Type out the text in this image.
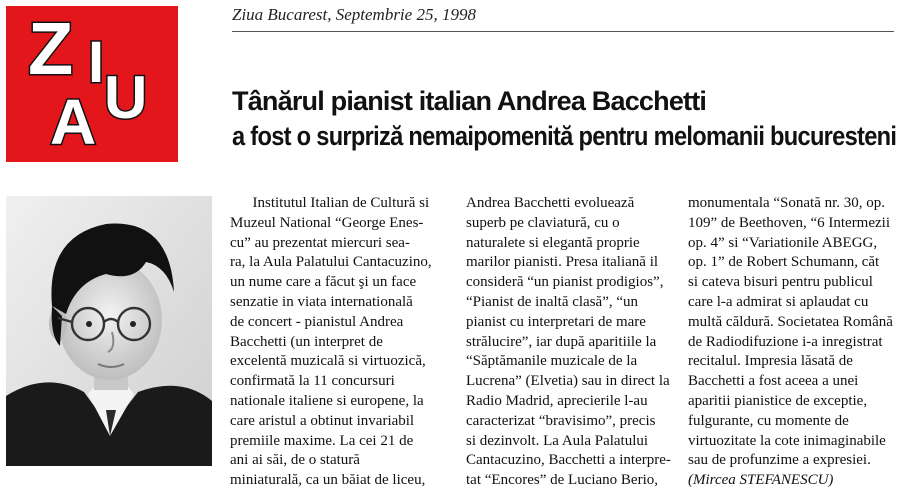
Z I
U
A
Ziua Bucarest, Septembrie 25, 1998
Tânărul pianist italian Andrea Bacchetti
a fost o surpriză nemaipomenită pentru melomanii bucuresteni
Institutul Italian de Cultură si
Muzeul National “George Enes-
cu” au prezentat miercuri sea-
ra, la Aula Palatului Cantacuzino,
un nume care a făcut şi un face
senzatie in viata internatională
de concert - pianistul Andrea
Bacchetti (un interpret de
excelentă muzicală si virtuozică,
confirmată la 11 concursuri
nationale italiene si europene, la
care aristul a obtinut invariabil
premiile maxime. La cei 21 de
ani ai săi, de o statură
miniaturală, ca un băiat de liceu,
Andrea Bacchetti evoluează
superb pe claviatură, cu o
naturalete si elegantă proprie
marilor pianisti. Presa italiană il
consideră “un pianist prodigios”,
“Pianist de inaltă clasă”, “un
pianist cu interpretari de mare
strălucire”, iar după aparitiile la
“Săptămanile muzicale de la
Lucrena” (Elvetia) sau in direct la
Radio Madrid, aprecierile l-au
caracterizat “bravisimo”, precis
si dezinvolt. La Aula Palatului
Cantacuzino, Bacchetti a interpre-
tat “Encores” de Luciano Berio,
monumentala “Sonată nr. 30, op.
109” de Beethoven, “6 Intermezii
op. 4” si “Variationile ABEGG,
op. 1” de Robert Schumann, căt
si cateva bisuri pentru publicul
care l-a admirat si aplaudat cu
multă căldură. Societatea Română
de Radiodifuzione i-a inregistrat
recitalul. Impresia lăsată de
Bacchetti a fost aceea a unei
aparitii pianistice de exceptie,
fulgurante, cu momente de
virtuozitate la cote inimaginabile
sau de profunzime a expresiei.
(Mircea STEFANESCU)
